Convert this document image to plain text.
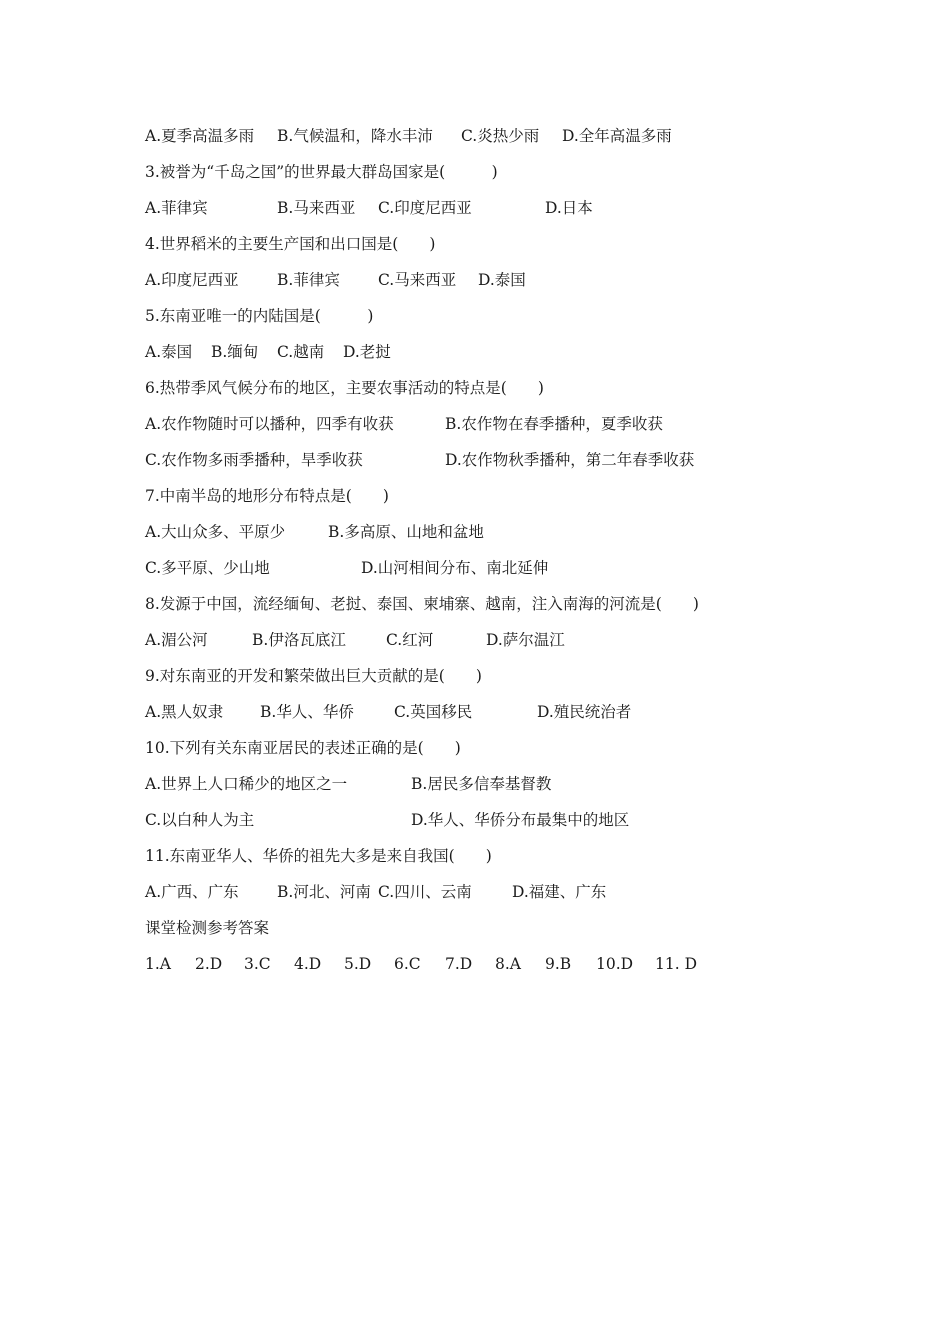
A.夏季高温多雨

B.气候温和，降水丰沛

C.炎热少雨

D.全年高温多雨

3.被誉为“千岛之国”的世界最大群岛国家是(　　　)

A.菲律宾

	B.马来西亚

C.印度尼西亚

	D.日本

4.世界稻米的主要生产国和出口国是(　　)

A.印度尼西亚

B.菲律宾

C.马来西亚

D.泰国

5.东南亚唯一的内陆国是(　　　)

A.泰国

B.缅甸

C.越南

D.老挝

6.热带季风气候分布的地区，主要农事活动的特点是(　　)

A.农作物随时可以播种，四季有收获

	B.农作物在春季播种，夏季收获

C.农作物多雨季播种，旱季收获

	D.农作物秋季播种，第二年春季收获

7.中南半岛的地形分布特点是(　　)

A.大山众多、平原少

	B.多高原、山地和盆地

C.多平原、少山地

	D.山河相间分布、南北延伸

8.发源于中国，流经缅甸、老挝、泰国、柬埔寨、越南，注入南海的河流是(　　)

A.湄公河

	B.伊洛瓦底江

	C.红河

	D.萨尔温江

9.对东南亚的开发和繁荣做出巨大贡献的是(　　)

A.黑人奴隶

B.华人、华侨

	C.英国移民

	D.殖民统治者

10.下列有关东南亚居民的表述正确的是(　　)

A.世界上人口稀少的地区之一

	B.居民多信奉基督教

C.以白种人为主

	D.华人、华侨分布最集中的地区

11.东南亚华人、华侨的祖先大多是来自我国(　　)

A.广西、广东

B.河北、河南

C.四川、云南

	D.福建、广东

课堂检测参考答案

1.A

2.D

3.C

4.D

5.D

6.C

7.D

8.A

9.B

10.D

11. D
